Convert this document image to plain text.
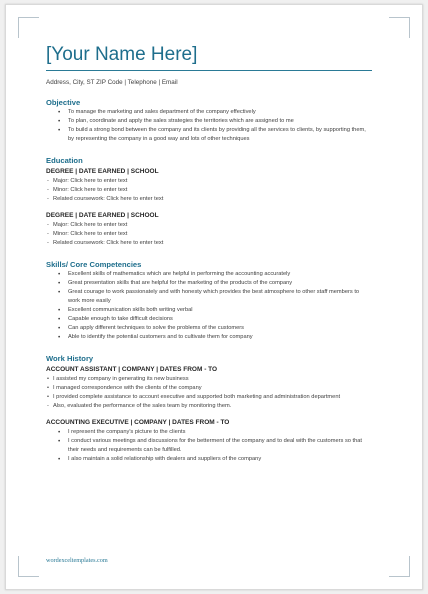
[Your Name Here]
Address, City, ST ZIP Code | Telephone | Email
Objective
• To manage the marketing and sales department of the company effectively
• To plan, coordinate and apply the sales strategies the territories which are assigned to me
• To build a strong bond between the company and its clients by providing all the services to clients, by supporting them, by representing the company in a good way and lots of other techniques
Education
DEGREE | DATE EARNED | SCHOOL
- Major: Click here to enter text
- Minor: Click here to enter text
- Related coursework: Click here to enter text
DEGREE | DATE EARNED | SCHOOL
- Major: Click here to enter text
- Minor: Click here to enter text
- Related coursework: Click here to enter text
Skills/ Core Competencies
• Excellent skills of mathematics which are helpful in performing the accounting accurately
• Great presentation skills that are helpful for the marketing of the products of the company
• Great courage to work passionately and with honesty which provides the best atmosphere to other staff members to work more easily
• Excellent communication skills both writing verbal
• Capable enough to take difficult decisions
• Can apply different techniques to solve the problems of the customers
• Able to identify the potential customers and to cultivate them for company
Work History
ACCOUNT ASSISTANT | COMPANY | DATES FROM - TO
• I assisted my company in generating its new business
• I managed correspondence with the clients of the company
• I provided complete assistance to account executive and supported both marketing and administration department
- Also, evaluated the performance of the sales team by monitoring them.
ACCOUNTING EXECUTIVE | COMPANY | DATES FROM - TO
• I represent the company's picture to the clients
• I conduct various meetings and discussions for the betterment of the company and to deal with the customers so that their needs and requirements can be fulfilled.
• I also maintain a solid relationship with dealers and suppliers of the company
wordexceltemplates.com
